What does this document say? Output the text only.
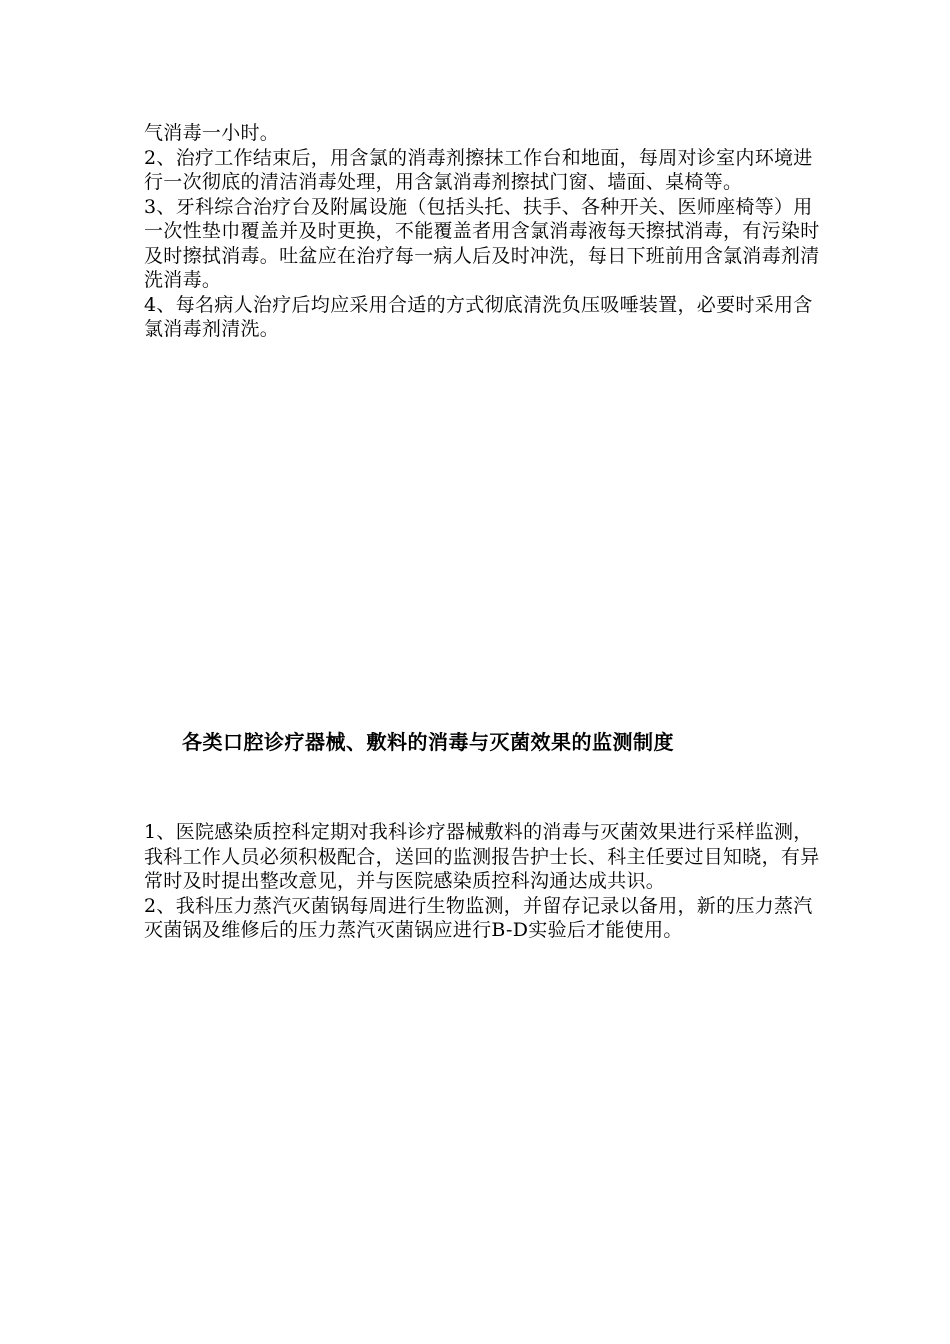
气消毒一小时。

2、治疗工作结束后，用含氯的消毒剂擦抹工作台和地面，每周对诊室内环境进行一次彻底的清洁消毒处理，用含氯消毒剂擦拭门窗、墙面、桌椅等。

3、牙科综合治疗台及附属设施（包括头托、扶手、各种开关、医师座椅等）用一次性垫巾覆盖并及时更换，不能覆盖者用含氯消毒液每天擦拭消毒，有污染时及时擦拭消毒。吐盆应在治疗每一病人后及时冲洗，每日下班前用含氯消毒剂清洗消毒。

4、每名病人治疗后均应采用合适的方式彻底清洗负压吸唾装置，必要时采用含氯消毒剂清洗。

各类口腔诊疗器械、敷料的消毒与灭菌效果的监测制度

1、医院感染质控科定期对我科诊疗器械敷料的消毒与灭菌效果进行采样监测，我科工作人员必须积极配合，送回的监测报告护士长、科主任要过目知晓，有异常时及时提出整改意见，并与医院感染质控科沟通达成共识。

2、我科压力蒸汽灭菌锅每周进行生物监测，并留存记录以备用，新的压力蒸汽灭菌锅及维修后的压力蒸汽灭菌锅应进行B-D实验后才能使用。
